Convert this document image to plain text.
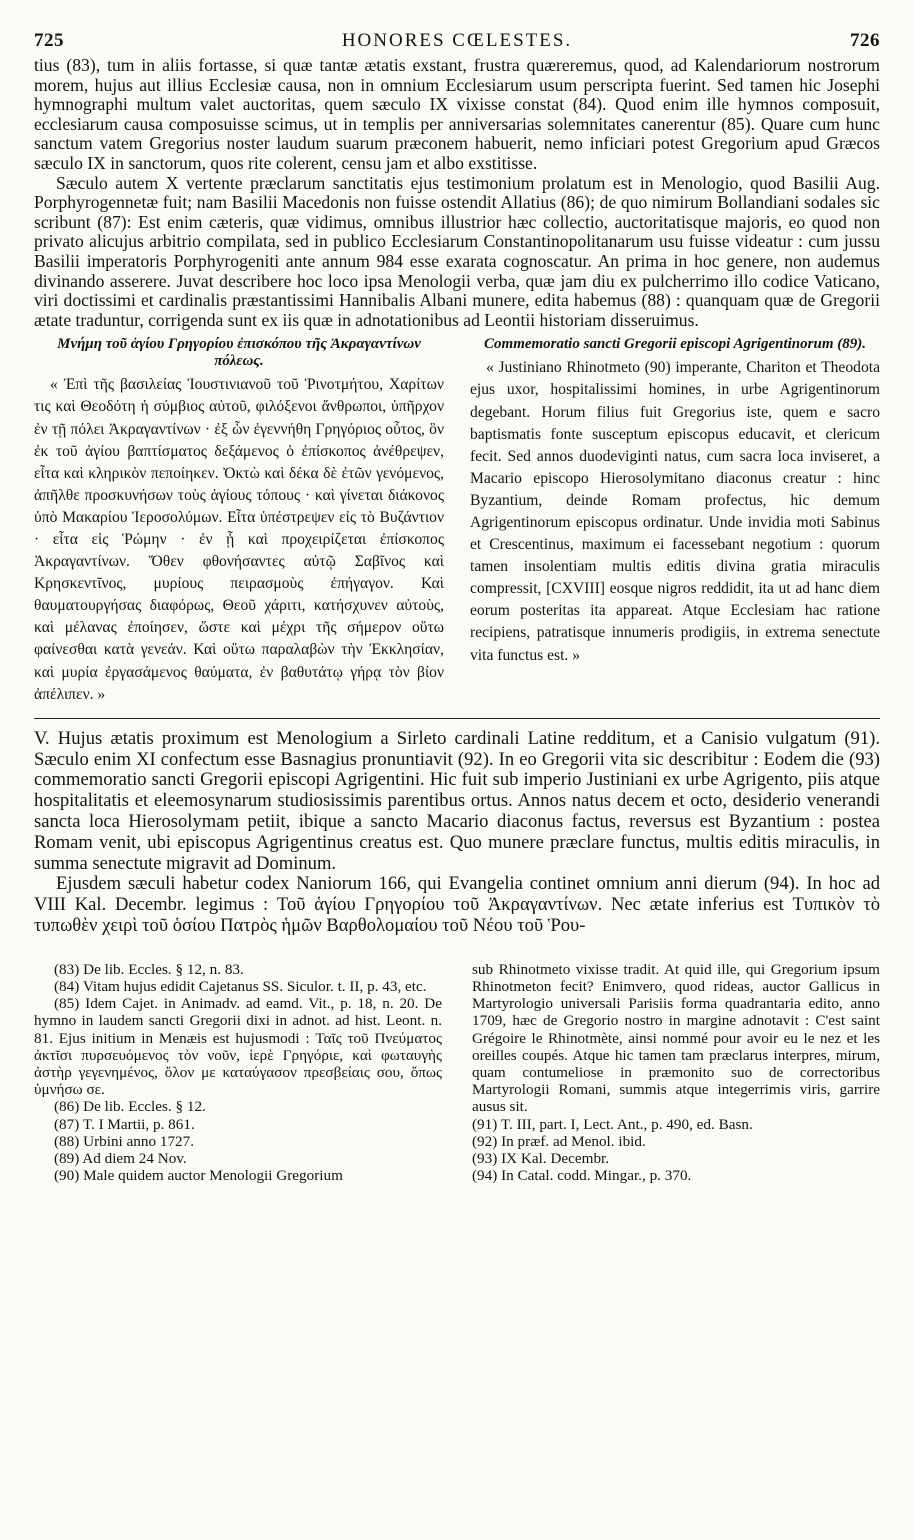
725	HONORES CŒLESTES.	726

tius (83), tum in aliis fortasse, si quæ tantæ ætatis exstant, frustra quæreremus, quod, ad Kalendariorum nostrorum morem, hujus aut illius Ecclesiæ causa, non in omnium Ecclesiarum usum perscripta fuerint. Sed tamen hic Josephi hymnographi multum valet auctoritas, quem sæculo IX vixisse constat (84). Quod enim ille hymnos composuit, ecclesiarum causa composuisse scimus, ut in templis per anniversarias solemnitates canerentur (85). Quare cum hunc sanctum vatem Gregorius noster laudum suarum præconem habuerit, nemo inficiari potest Gregorium apud Græcos sæculo IX in sanctorum, quos rite colerent, censu jam et albo exstitisse.

Sæculo autem X vertente præclarum sanctitatis ejus testimonium prolatum est in Menologio, quod Basilii Aug. Porphyrogennetæ fuit; nam Basilii Macedonis non fuisse ostendit Allatius (86); de quo nimirum Bollandiani sodales sic scribunt (87): Est enim cæteris, quæ vidimus, omnibus illustrior hæc collectio, auctoritatisque majoris, eo quod non privato alicujus arbitrio compilata, sed in publico Ecclesiarum Constantinopolitanarum usu fuisse videatur : cum jussu Basilii imperatoris Porphyrogeniti ante annum 984 esse exarata cognoscatur. An prima in hoc genere, non audemus divinando asserere. Juvat describere hoc loco ipsa Menologii verba, quæ jam diu ex pulcherrimo illo codice Vaticano, viri doctissimi et cardinalis præstantissimi Hannibalis Albani munere, edita habemus (88) : quanquam quæ de Gregorii ætate traduntur, corrigenda sunt ex iis quæ in adnotationibus ad Leontii historiam disseruimus.

Μνήμη τοῦ ἁγίου Γρηγορίου ἐπισκόπου τῆς Ἀκραγαντίνων πόλεως.
« Ἐπὶ τῆς βασιλείας Ἰουστινιανοῦ τοῦ Ῥινοτμήτου, Χαρίτων τις καὶ Θεοδότη ἡ σύμβιος αὐτοῦ, φιλόξενοι ἄνθρωποι, ὑπῆρχον ἐν τῇ πόλει Ἀκραγαντίνων · ἐξ ὧν ἐγεννήθη Γρηγόριος οὗτος, ὃν ἐκ τοῦ ἁγίου βαπτίσματος δεξάμενος ὁ ἐπίσκοπος ἀνέθρεψεν, εἶτα καὶ κληρικὸν πεποίηκεν. Ὀκτὼ καὶ δέκα δὲ ἐτῶν γενόμενος, ἀπῆλθε προσκυνήσων τοὺς ἁγίους τόπους · καὶ γίνεται διάκονος ὑπὸ Μακαρίου Ἱεροσολύμων. Εἶτα ὑπέστρεψεν εἰς τὸ Βυζάντιον · εἶτα εἰς Ῥώμην · ἐν ᾗ καὶ προχειρίζεται ἐπίσκοπος Ἀκραγαντίνων. Ὅθεν φθονήσαντες αὐτῷ Σαβῖνος καὶ Κρησκεντῖνος, μυρίους πειρασμοὺς ἐπήγαγον. Καὶ θαυματουργήσας διαφόρως, Θεοῦ χάριτι, κατήσχυνεν αὐτοὺς, καὶ μέλανας ἐποίησεν, ὥστε καὶ μέχρι τῆς σήμερον οὕτω φαίνεσθαι κατὰ γενεάν. Καὶ οὕτω παραλαβὼν τὴν Ἐκκλησίαν, καὶ μυρία ἐργασάμενος θαύματα, ἐν βαθυτάτῳ γήρᾳ τὸν βίον ἀπέλιπεν. »
Commemoratio sancti Gregorii episcopi Agrigentinorum (89).
« Justiniano Rhinotmeto (90) imperante, Chariton et Theodota ejus uxor, hospitalissimi homines, in urbe Agrigentinorum degebant. Horum filius fuit Gregorius iste, quem e sacro baptismatis fonte susceptum episcopus educavit, et clericum fecit. Sed annos duodeviginti natus, cum sacra loca inviseret, a Macario episcopo Hierosolymitano diaconus creatur : hinc Byzantium, deinde Romam profectus, hic demum Agrigentinorum episcopus ordinatur. Unde invidia moti Sabinus et Crescentinus, maximum ei facessebant negotium : quorum tamen insolentiam multis editis divina gratia miraculis compressit, [CXVIII] eosque nigros reddidit, ita ut ad hanc diem eorum posteritas ita appareat. Atque Ecclesiam hac ratione recipiens, patratisque innumeris prodigiis, in extrema senectute vita functus est. »

V. Hujus ætatis proximum est Menologium a Sirleto cardinali Latine redditum, et a Canisio vulgatum (91). Sæculo enim XI confectum esse Basnagius pronuntiavit (92). In eo Gregorii vita sic describitur : Eodem die (93) commemoratio sancti Gregorii episcopi Agrigentini. Hic fuit sub imperio Justiniani ex urbe Agrigento, piis atque hospitalitatis et eleemosynarum studiosissimis parentibus ortus. Annos natus decem et octo, desiderio venerandi sancta loca Hierosolymam petiit, ibique a sancto Macario diaconus factus, reversus est Byzantium : postea Romam venit, ubi episcopus Agrigentinus creatus est. Quo munere præclare functus, multis editis miraculis, in summa senectute migravit ad Dominum.

Ejusdem sæculi habetur codex Naniorum 166, qui Evangelia continet omnium anni dierum (94). In hoc ad VIII Kal. Decembr. legimus : Τοῦ ἁγίου Γρηγορίου τοῦ Ἀκραγαντίνων. Nec ætate inferius est Τυπικὸν τὸ τυπωθὲν χειρὶ τοῦ ὁσίου Πατρὸς ἡμῶν Βαρθολομαίου τοῦ Νέου τοῦ Ῥου-

(83) De lib. Eccles. § 12, n. 83.

(84) Vitam hujus edidit Cajetanus SS. Siculor. t. II, p. 43, etc.

(85) Idem Cajet. in Animadv. ad eamd. Vit., p. 18, n. 20. De hymno in laudem sancti Gregorii dixi in adnot. ad hist. Leont. n. 81. Ejus initium in Menæis est hujusmodi : Ταῖς τοῦ Πνεύματος ἀκτῖσι πυρσευόμενος τὸν νοῦν, ἱερὲ Γρηγόριε, καὶ φωταυγὴς ἀστὴρ γεγενημένος, ὅλον με καταύγασον πρεσβείαις σου, ὅπως ὑμνήσω σε.

(86) De lib. Eccles. § 12.

(87) T. I Martii, p. 861.

(88) Urbini anno 1727.

(89) Ad diem 24 Nov.

(90) Male quidem auctor Menologii Gregorium

sub Rhinotmeto vixisse tradit. At quid ille, qui Gregorium ipsum Rhinotmeton fecit? Enimvero, quod rideas, auctor Gallicus in Martyrologio universali Parisiis forma quadrantaria edito, anno 1709, hæc de Gregorio nostro in margine adnotavit : C'est saint Grégoire le Rhinotmète, ainsi nommé pour avoir eu le nez et les oreilles coupés. Atque hic tamen tam præclarus interpres, mirum, quam contumeliose in præmonito suo de correctoribus Martyrologii Romani, summis atque integerrimis viris, garrire ausus sit.

(91) T. III, part. I, Lect. Ant., p. 490, ed. Basn.

(92) In præf. ad Menol. ibid.

(93) IX Kal. Decembr.

(94) In Catal. codd. Mingar., p. 370.
